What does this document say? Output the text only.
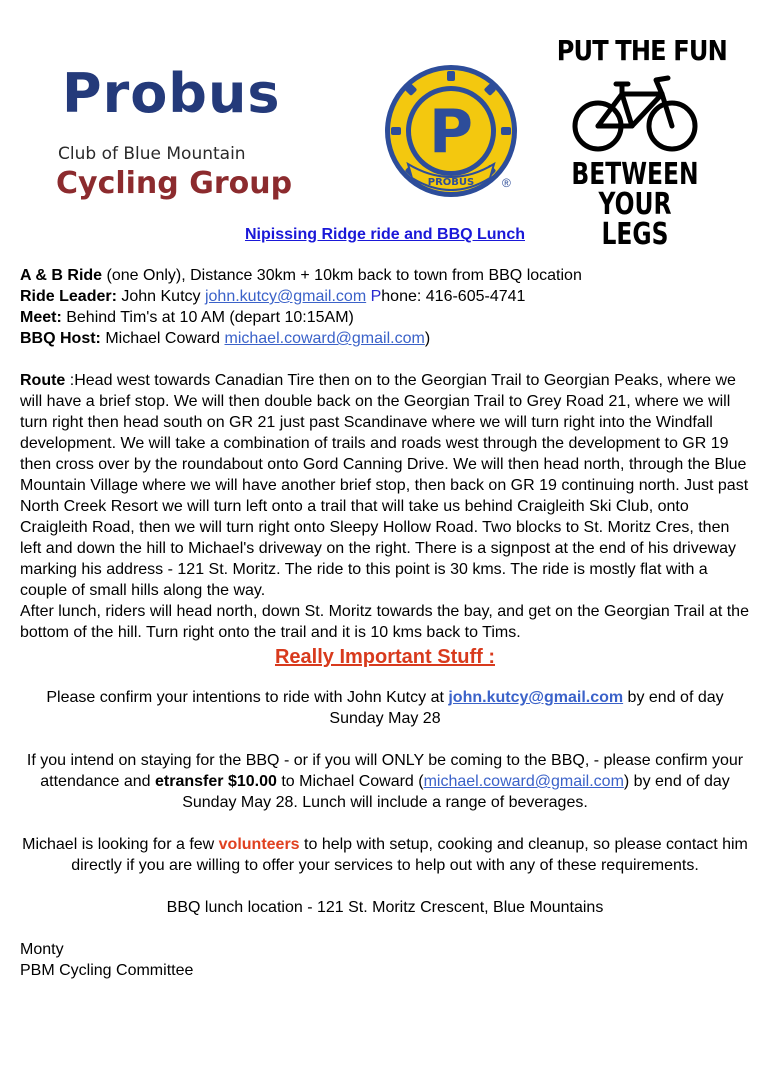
Probus
Club of Blue Mountain
Cycling Group
P
PROBUS ®
PUT THE FUN
BETWEEN
YOUR LEGS
Nipissing Ridge ride and BBQ Lunch

A & B Ride (one Only), Distance 30km + 10km back to town from BBQ location

Ride Leader: John Kutcy john.kutcy@gmail.com Phone: 416-605-4741

Meet: Behind Tim's at 10 AM (depart 10:15AM)

BBQ Host: Michael Coward michael.coward@gmail.com)

Route :Head west towards Canadian Tire then on to the Georgian Trail to Georgian Peaks, where we will have a brief stop. We will then double back on the Georgian Trail to Grey Road 21, where we will turn right then head south on GR 21 just past Scandinave where we will turn right into the Windfall development. We will take a combination of trails and roads west through the development to GR 19 then cross over by the roundabout onto Gord Canning Drive. We will then head north, through the Blue Mountain Village where we will have another brief stop, then back on GR 19 continuing north. Just past North Creek Resort we will turn left onto a trail that will take us behind Craigleith Ski Club, onto Craigleith Road, then we will turn right onto Sleepy Hollow Road. Two blocks to St. Moritz Cres, then left and down the hill to Michael's driveway on the right. There is a signpost at the end of his driveway marking his address - 121 St. Moritz. The ride to this point is 30 kms. The ride is mostly flat with a couple of small hills along the way.

After lunch, riders will head north, down St. Moritz towards the bay, and get on the Georgian Trail at the bottom of the hill. Turn right onto the trail and it is 10 kms back to Tims.

Really Important Stuff :

Please confirm your intentions to ride with John Kutcy at john.kutcy@gmail.com by end of day Sunday May 28

If you intend on staying for the BBQ - or if you will ONLY be coming to the BBQ, - please confirm your attendance and etransfer $10.00 to Michael Coward (michael.coward@gmail.com) by end of day Sunday May 28. Lunch will include a range of beverages.

Michael is looking for a few volunteers to help with setup, cooking and cleanup, so please contact him directly if you are willing to offer your services to help out with any of these requirements.

BBQ lunch location - 121 St. Moritz Crescent, Blue Mountains

Monty

PBM Cycling Committee
